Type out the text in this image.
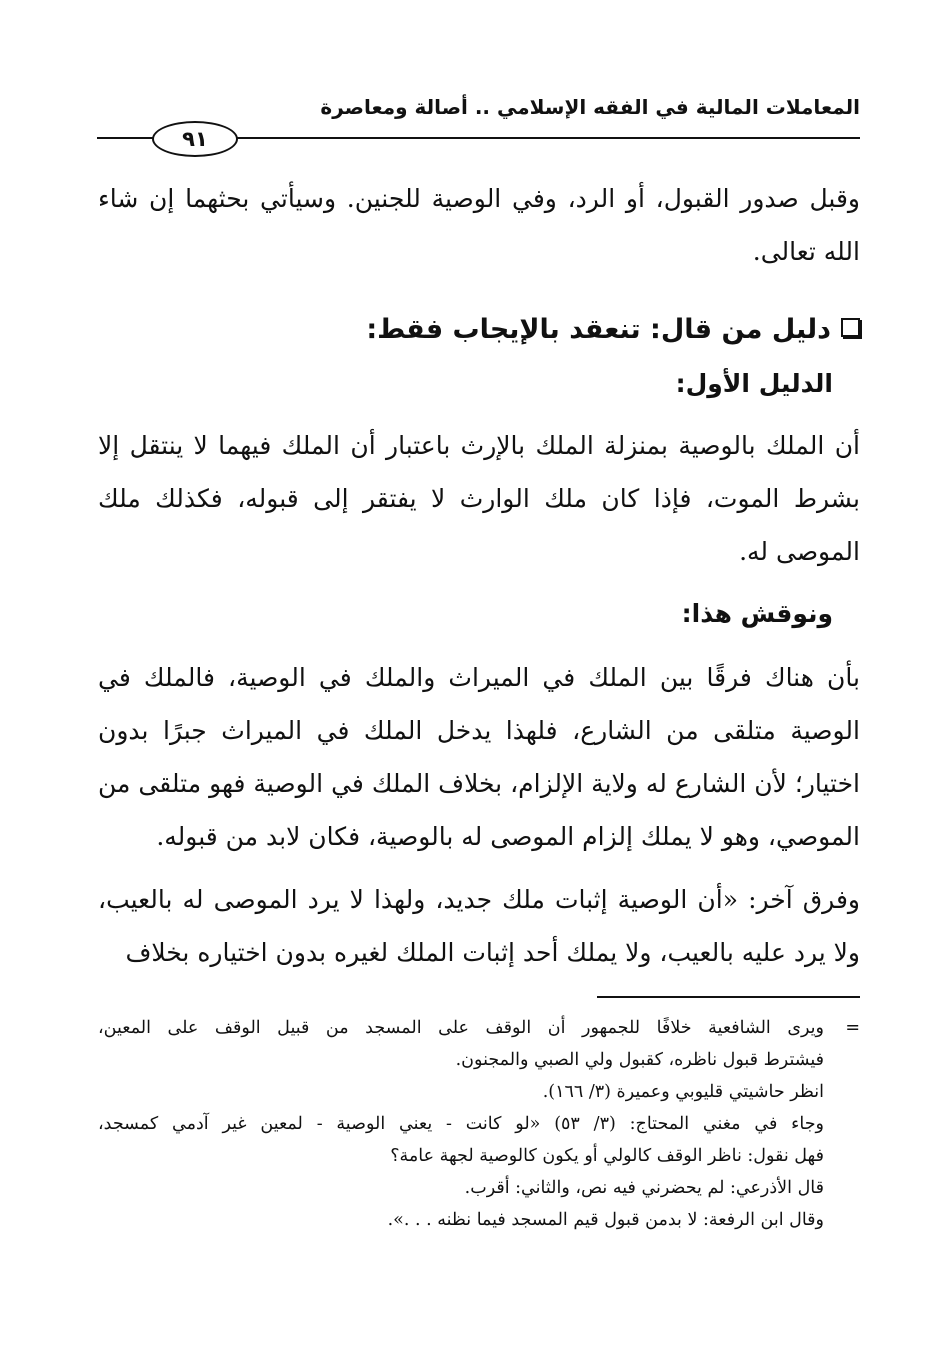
المعاملات المالية في الفقه الإسلامي .. أصالة ومعاصرة
٩١

وقبل صدور القبول، أو الرد، وفي الوصية للجنين. وسيأتي بحثهما إن شاء الله تعالى.

دليل من قال: تنعقد بالإيجاب فقط:
الدليل الأول:

أن الملك بالوصية بمنزلة الملك بالإرث باعتبار أن الملك فيهما لا ينتقل إلا بشرط الموت، فإذا كان ملك الوارث لا يفتقر إلى قبوله، فكذلك ملك الموصى له.

ونوقش هذا:

بأن هناك فرقًا بين الملك في الميراث والملك في الوصية، فالملك في الوصية متلقى من الشارع، فلهذا يدخل الملك في الميراث جبرًا بدون اختيار؛ لأن الشارع له ولاية الإلزام، بخلاف الملك في الوصية فهو متلقى من الموصي، وهو لا يملك إلزام الموصى له بالوصية، فكان لابد من قبوله.

وفرق آخر: «أن الوصية إثبات ملك جديد، ولهذا لا يرد الموصى له بالعيب، ولا يرد عليه بالعيب، ولا يملك أحد إثبات الملك لغيره بدون اختياره بخلاف

=
ويرى الشافعية خلافًا للجمهور أن الوقف على المسجد من قبيل الوقف على المعين،
فيشترط قبول ناظره، كقبول ولي الصبي والمجنون.
انظر حاشيتي قليوبي وعميرة (٣/ ١٦٦).
وجاء في مغني المحتاج: (٣/ ٥٣) «لو كانت - يعني الوصية - لمعين غير آدمي كمسجد،
فهل نقول: ناظر الوقف كالولي أو يكون كالوصية لجهة عامة؟
قال الأذرعي: لم يحضرني فيه نص، والثاني: أقرب.
وقال ابن الرفعة: لا بدمن قبول قيم المسجد فيما نظنه . . .».
